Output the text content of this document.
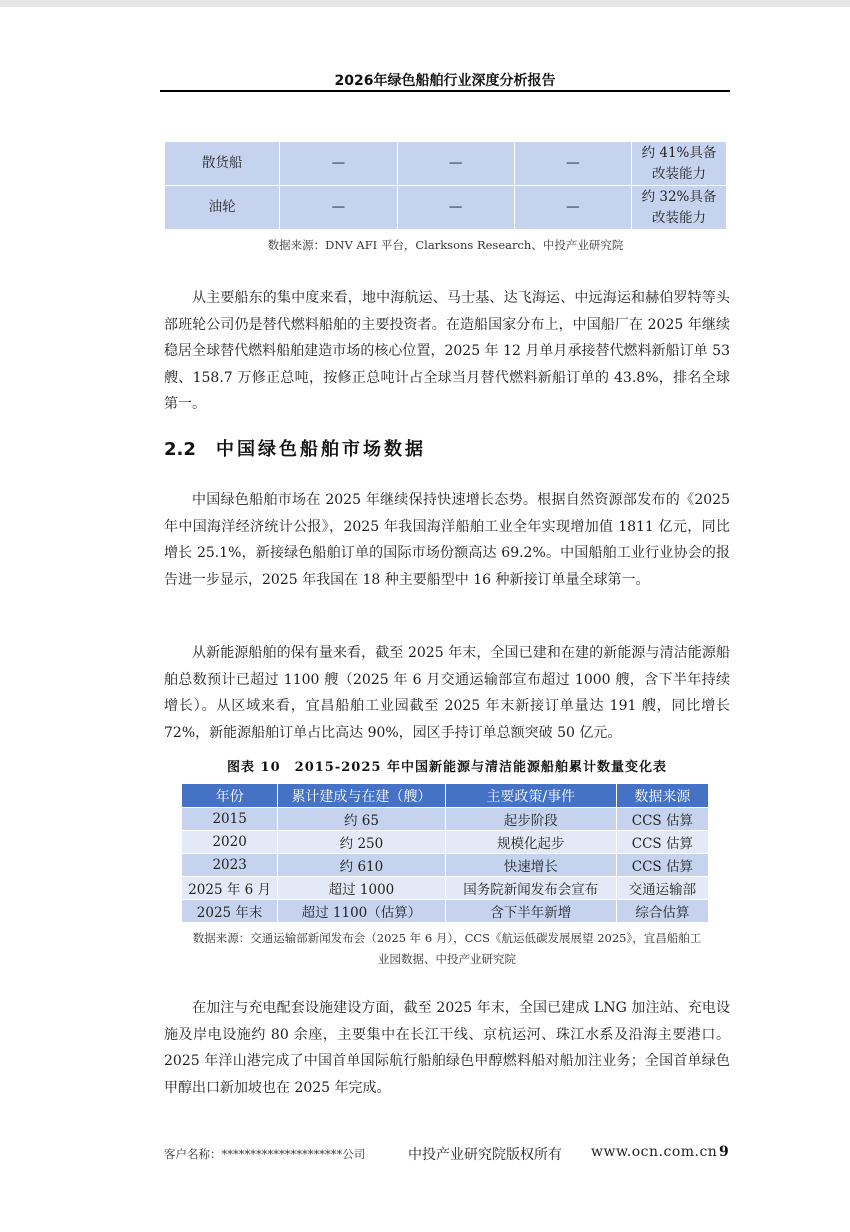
2026年绿色船舶行业深度分析报告
散货船	—	—	—	约 41%具备
改装能力

油轮	—	—	—	约 32%具备
改装能力
数据来源：DNV AFI 平台，Clarksons Research、中投产业研究院

从主要船东的集中度来看，地中海航运、马士基、达飞海运、中远海运和赫伯罗特等头部班轮公司仍是替代燃料船舶的主要投资者。在造船国家分布上，中国船厂在 2025 年继续稳居全球替代燃料船舶建造市场的核心位置，2025 年 12 月单月承接替代燃料新船订单 53 艘、158.7 万修正总吨，按修正总吨计占全球当月替代燃料新船订单的 43.8%，排名全球第一。

2.2 中国绿色船舶市场数据

中国绿色船舶市场在 2025 年继续保持快速增长态势。根据自然资源部发布的《2025 年中国海洋经济统计公报》，2025 年我国海洋船舶工业全年实现增加值 1811 亿元，同比增长 25.1%，新接绿色船舶订单的国际市场份额高达 69.2%。中国船舶工业行业协会的报告进一步显示，2025 年我国在 18 种主要船型中 16 种新接订单量全球第一。

从新能源船舶的保有量来看，截至 2025 年末，全国已建和在建的新能源与清洁能源船舶总数预计已超过 1100 艘（2025 年 6 月交通运输部宣布超过 1000 艘，含下半年持续增长）。从区域来看，宜昌船舶工业园截至 2025 年末新接订单量达 191 艘，同比增长 72%，新能源船舶订单占比高达 90%，园区手持订单总额突破 50 亿元。

图表 10 2015-2025 年中国新能源与清洁能源船舶累计数量变化表
年份	累计建成与在建（艘）	主要政策/事件	数据来源
2015	约 65	起步阶段	CCS 估算
2020	约 250	规模化起步	CCS 估算
2023	约 610	快速增长	CCS 估算
2025 年 6 月	超过 1000	国务院新闻发布会宣布	交通运输部
2025 年末	超过 1100（估算）	含下半年新增	综合估算
数据来源：交通运输部新闻发布会（2025 年 6 月），CCS《航运低碳发展展望 2025》，宜昌船舶工
业园数据、中投产业研究院

在加注与充电配套设施建设方面，截至 2025 年末，全国已建成 LNG 加注站、充电设施及岸电设施约 80 余座，主要集中在长江干线、京杭运河、珠江水系及沿海主要港口。2025 年洋山港完成了中国首单国际航行船舶绿色甲醇燃料船对船加注业务；全国首单绿色甲醇出口新加坡也在 2025 年完成。

客户名称：*********************公司	中投产业研究院版权所有 www.ocn.com.cn 9
